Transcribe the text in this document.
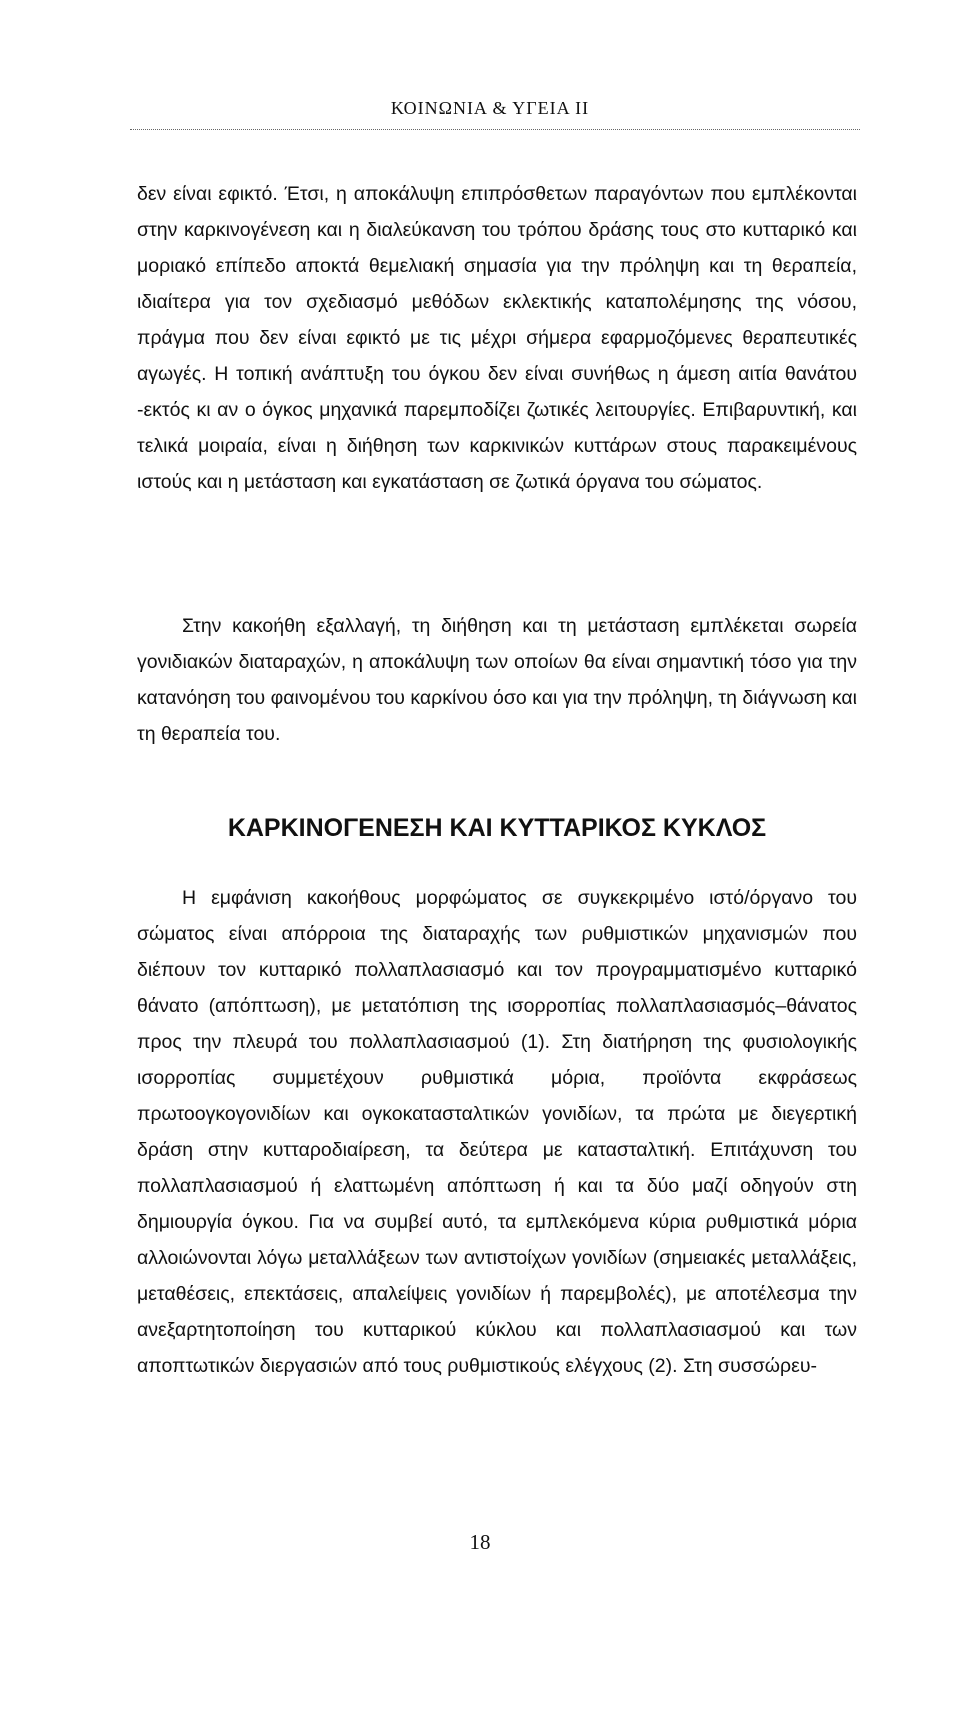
ΚΟΙΝΩΝΙΑ & ΥΓΕΙΑ II

δεν είναι εφικτό. Έτσι, η αποκάλυψη επιπρόσθετων παραγόντων που εμπλέκονται στην καρκινογένεση και η διαλεύκανση του τρόπου δράσης τους στο κυτταρικό και μοριακό επίπεδο αποκτά θεμελιακή σημασία για την πρόληψη και τη θεραπεία, ιδιαίτερα για τον σχεδιασμό μεθόδων εκλεκτικής καταπολέμησης της νόσου, πράγμα που δεν είναι εφικτό με τις μέχρι σήμερα εφαρμοζόμενες θεραπευτικές αγωγές. Η τοπική ανάπτυξη του όγκου δεν είναι συνήθως η άμεση αιτία θανάτου -εκτός κι αν ο όγκος μηχανικά παρεμποδίζει ζωτικές λειτουργίες. Επιβαρυντική, και τελικά μοιραία, είναι η διήθηση των καρκινικών κυττάρων στους παρακειμένους ιστούς και η μετάσταση και εγκατάσταση σε ζωτικά όργανα του σώματος.

Στην κακοήθη εξαλλαγή, τη διήθηση και τη μετάσταση εμπλέκεται σωρεία γονιδιακών διαταραχών, η αποκάλυψη των οποίων θα είναι σημαντική τόσο για την κατανόηση του φαινομένου του καρκίνου όσο και για την πρόληψη, τη διάγνωση και τη θεραπεία του.

ΚΑΡΚΙΝΟΓΕΝΕΣΗ ΚΑΙ ΚΥΤΤΑΡΙΚΟΣ ΚΥΚΛΟΣ

Η εμφάνιση κακοήθους μορφώματος σε συγκεκριμένο ιστό/όργανο του σώματος είναι απόρροια της διαταραχής των ρυθμιστικών μηχανισμών που διέπουν τον κυτταρικό πολλαπλασιασμό και τον προγραμματισμένο κυτταρικό θάνατο (απόπτωση), με μετατόπιση της ισορροπίας πολλαπλασιασμός–θάνατος προς την πλευρά του πολλαπλασιασμού (1). Στη διατήρηση της φυσιολογικής ισορροπίας συμμετέχουν ρυθμιστικά μόρια, προϊόντα εκφράσεως πρωτοογκογονιδίων και ογκοκατασταλτικών γονιδίων, τα πρώτα με διεγερτική δράση στην κυτταροδιαίρεση, τα δεύτερα με κατασταλτική. Επιτάχυνση του πολλαπλασιασμού ή ελαττωμένη απόπτωση ή και τα δύο μαζί οδηγούν στη δημιουργία όγκου. Για να συμβεί αυτό, τα εμπλεκόμενα κύρια ρυθμιστικά μόρια αλλοιώνονται λόγω μεταλλάξεων των αντιστοίχων γονιδίων (σημειακές μεταλλάξεις, μεταθέσεις, επεκτάσεις, απαλείψεις γονιδίων ή παρεμβολές), με αποτέλεσμα την ανεξαρτητοποίηση του κυτταρικού κύκλου και πολλαπλασιασμού και των αποπτωτικών διεργασιών από τους ρυθμιστικούς ελέγχους (2). Στη συσσώρευ-

18
